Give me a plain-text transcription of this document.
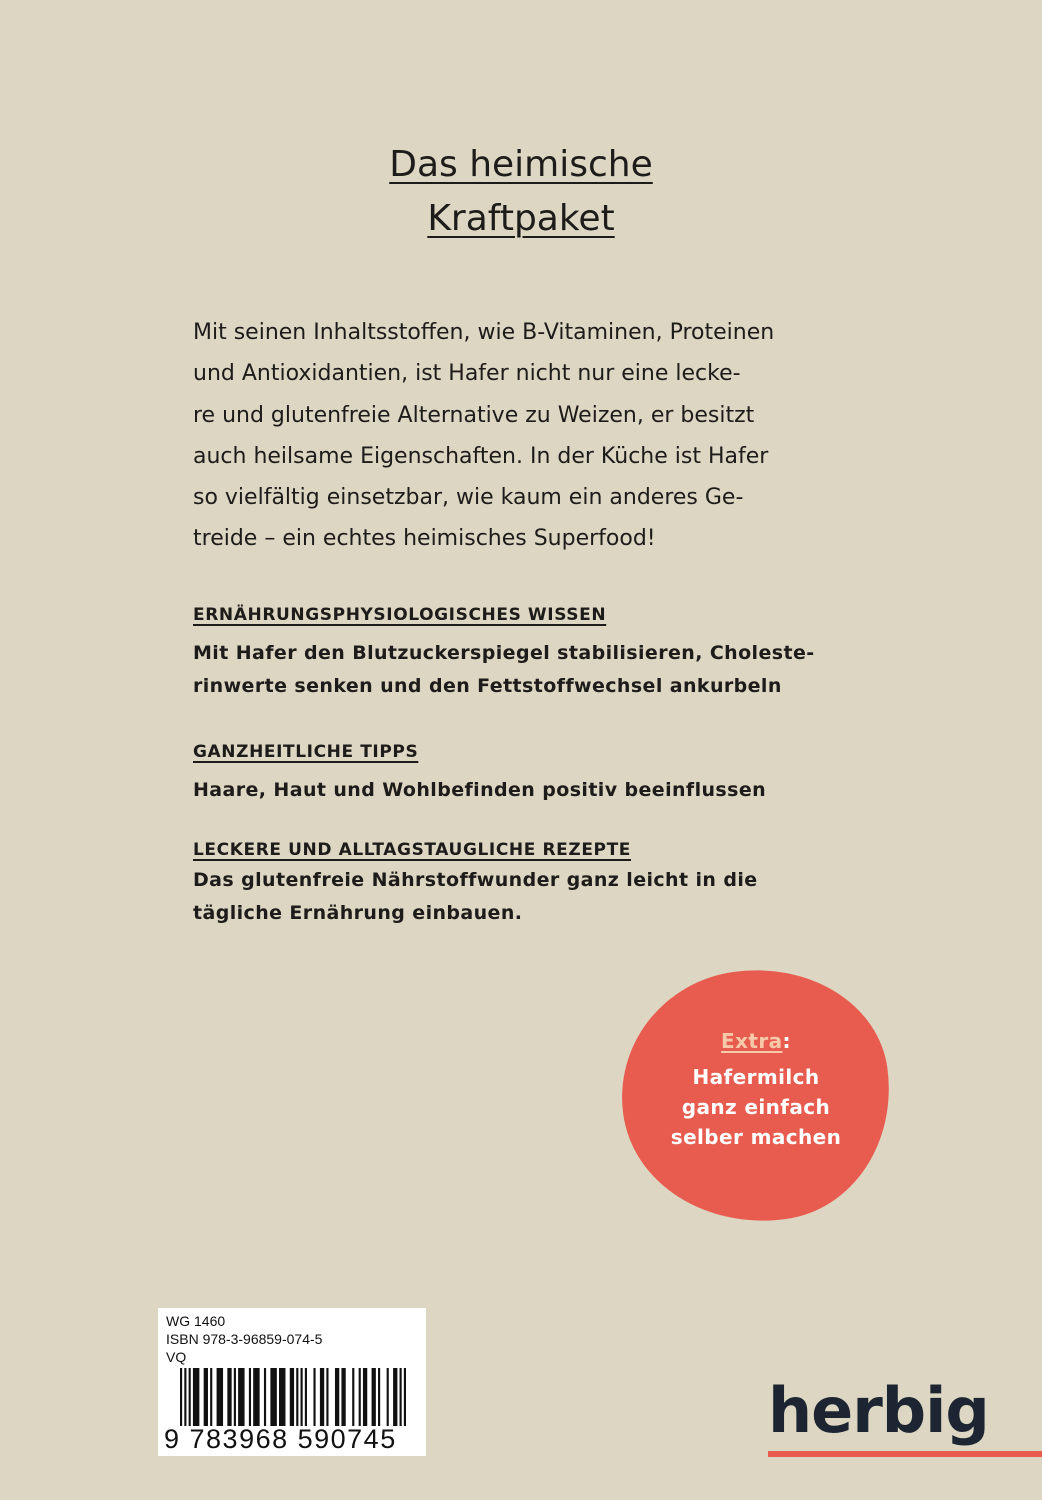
Das heimische
Kraftpaket
Mit seinen Inhaltsstoffen, wie B-Vitaminen, Proteinen
und Antioxidantien, ist Hafer nicht nur eine lecke-
re und glutenfreie Alternative zu Weizen, er besitzt
auch heilsame Eigenschaften. In der Küche ist Hafer
so vielfältig einsetzbar, wie kaum ein anderes Ge-
treide – ein echtes heimisches Superfood!
ERNÄHRUNGSPHYSIOLOGISCHES WISSEN
Mit Hafer den Blutzuckerspiegel stabilisieren, Choleste-
rinwerte senken und den Fettstoffwechsel ankurbeln
GANZHEITLICHE TIPPS
Haare, Haut und Wohlbefinden positiv beeinflussen
LECKERE UND ALLTAGSTAUGLICHE REZEPTE
Das glutenfreie Nährstoffwunder ganz leicht in die
tägliche Ernährung einbauen.
Extra:
Hafermilch
ganz einfach
selber machen
WG 1460
ISBN 978-3-96859-074-5
VQ
9 783968 590745	herbig
